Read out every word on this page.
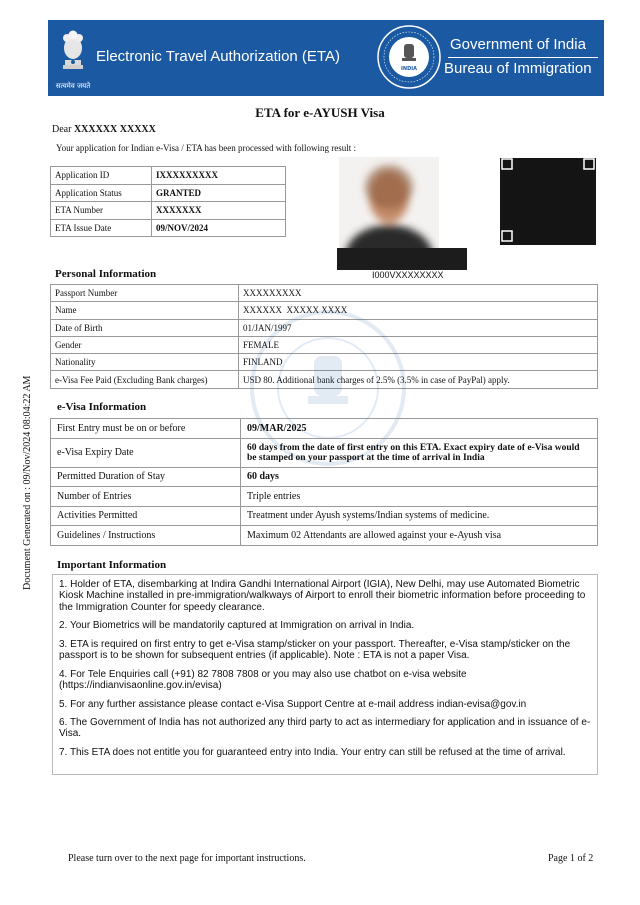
सत्यमेव जयते
Electronic Travel Authorization (ETA)
INDIA
Government of India
Bureau of Immigration
ETA for e-AYUSH Visa
Dear XXXXXX XXXXX
Your application for Indian e-Visa / ETA has been processed with following result :
Application ID	IXXXXXXXXX
Application Status	GRANTED
ETA Number	XXXXXXX
ETA Issue Date	09/NOV/2024
I000VXXXXXXXX
Personal Information
Passport Number	XXXXXXXXX
Name	XXXXXX  XXXXX XXXX
Date of Birth	01/JAN/1997
Gender	FEMALE
Nationality	FINLAND
e-Visa Fee Paid (Excluding Bank charges)	USD 80. Additional bank charges of 2.5% (3.5% in case of PayPal) apply.
e-Visa Information
First Entry must be on or before	09/MAR/2025
e-Visa Expiry Date	60 days from the date of first entry on this ETA. Exact expiry date of e-Visa would be stamped on your passport at the time of arrival in India
Permitted Duration of Stay	60 days
Number of Entries	Triple entries
Activities Permitted	Treatment under Ayush systems/Indian systems of medicine.
Guidelines / Instructions	Maximum 02 Attendants are allowed against your e-Ayush visa
Important Information

1. Holder of ETA, disembarking at Indira Gandhi International Airport (IGIA), New Delhi, may use Automated Biometric Kiosk Machine installed in pre-immigration/walkways of Airport to enroll their biometric information before proceeding to the Immigration Counter for speedy clearance.

2. Your Biometrics will be mandatorily captured at Immigration on arrival in India.

3. ETA is required on first entry to get e-Visa stamp/sticker on your passport. Thereafter, e-Visa stamp/sticker on the passport is to be shown for subsequent entries (if applicable). Note : ETA is not a paper Visa.

4. For Tele Enquiries call (+91) 82 7808 7808 or you may also use chatbot on e-visa website (https://indianvisaonline.gov.in/evisa)

5. For any further assistance please contact e-Visa Support Centre at e-mail address indian-evisa@gov.in

6. The Government of India has not authorized any third party to act as intermediary for application and in issuance of e-Visa.

7. This ETA does not entitle you for guaranteed entry into India. Your entry can still be refused at the time of arrival.

Document Generated on : 09/Nov/2024 08:04:22 AM
Please turn over to the next page for important instructions.	Page 1 of 2
